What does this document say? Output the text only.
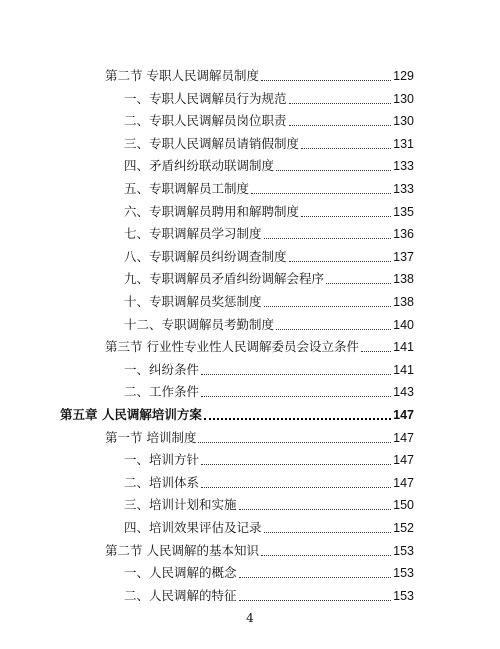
第二节 专职人民调解员制度	129
一、专职人民调解员行为规范	130
二、专职人民调解员岗位职责	130
三、专职人民调解员请销假制度	131
四、矛盾纠纷联动联调制度	133
五、专职调解员工制度	133
六、专职调解员聘用和解聘制度	135
七、专职调解员学习制度	136
八、专职调解员纠纷调查制度	137
九、专职调解员矛盾纠纷调解会程序	138
十、专职调解员奖惩制度	138
十二、专职调解员考勤制度	140
第三节 行业性专业性人民调解委员会设立条件	141
一、纠纷条件	141
二、工作条件	143
第五章 人民调解培训方案	147
第一节 培训制度	147
一、培训方针	147
二、培训体系	147
三、培训计划和实施	150
四、培训效果评估及记录	152
第二节 人民调解的基本知识	153
一、人民调解的概念	153
二、人民调解的特征	153
4
